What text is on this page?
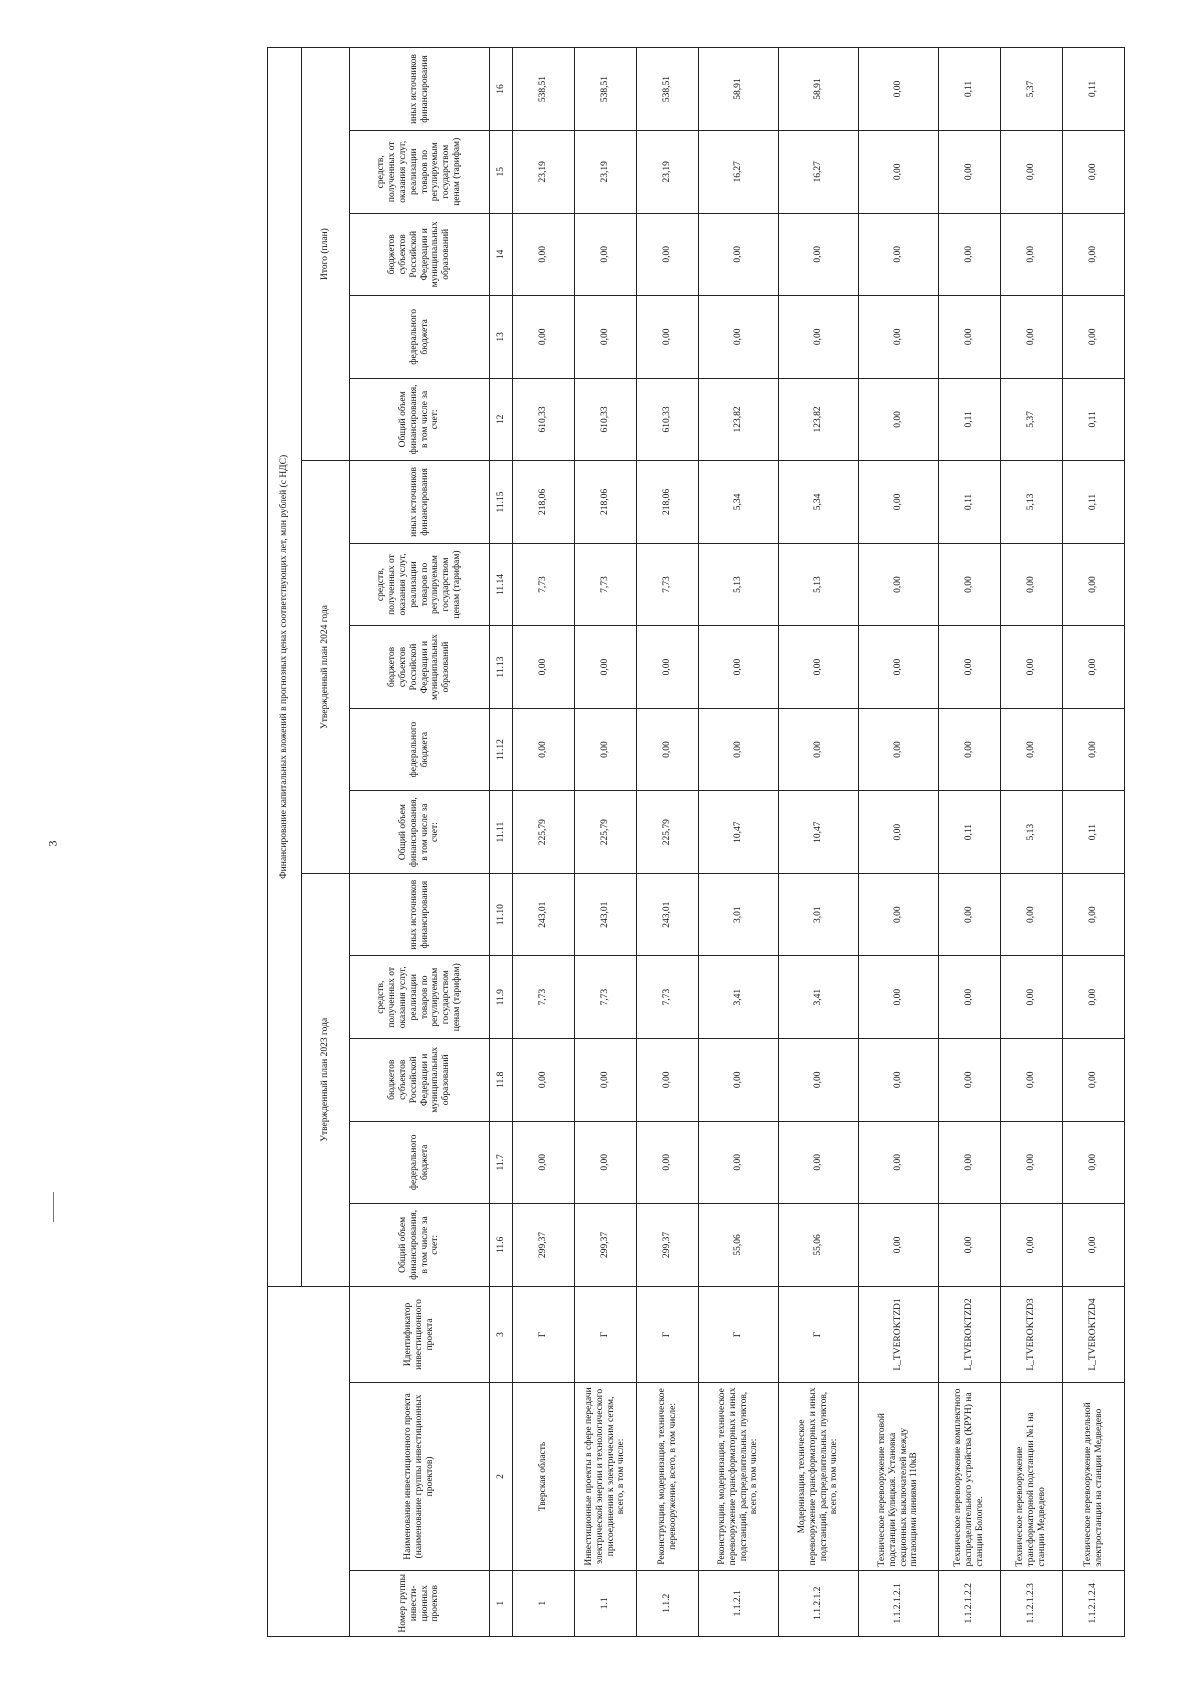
3
			Финансирование капитальных вложений в прогнозных ценах соответствующих лет, млн рублей (с НДС)														
			Утвержденный план 2023 года					Утвержденный план 2024 года					Итого (план)				
Номер группы инвести-ционных проектов	Наименование инвестиционного проекта (наименование группы инвестиционных проектов)	Идентификатор инвестиционного проекта	Общий объем финансирования, в том числе за счет:	федерального бюджета	бюджетов субъектов Российской Федерации и муниципальных образований	средств, полученных от оказания услуг, реализации товаров по регулируемым государством ценам (тарифам)	иных источников финансирования	Общий объем финансирования, в том числе за счет:	федерального бюджета	бюджетов субъектов Российской Федерации и муниципальных образований	средств, полученных от оказания услуг, реализации товаров по регулируемым государством ценам (тарифам)	иных источников финансирования	Общий объем финансирования, в том числе за счет:	федерального бюджета	бюджетов субъектов Российской Федерации и муниципальных образований	средств, полученных от оказания услуг, реализации товаров по регулируемым государством ценам (тарифам)	иных источников финансирования
1	2	3	11.6	11.7	11.8	11.9	11.10	11.11	11.12	11.13	11.14	11.15	12	13	14	15	16
1	Тверская область	Г	299,37	0,00	0,00	7,73	243,01	225,79	0,00	0,00	7,73	218,06	610,33	0,00	0,00	23,19	538,51
1.1	Инвестиционные проекты в сфере передачи электрической энергии и технологического присоединения к электрическим сетям, всего, в том числе:	Г	299,37	0,00	0,00	7,73	243,01	225,79	0,00	0,00	7,73	218,06	610,33	0,00	0,00	23,19	538,51
1.1.2	Реконструкция, модернизация, техническое перевооружение, всего, в том числе:	Г	299,37	0,00	0,00	7,73	243,01	225,79	0,00	0,00	7,73	218,06	610,33	0,00	0,00	23,19	538,51
1.1.2.1	Реконструкция, модернизация, техническое перевооружение трансформаторных и иных подстанций, распределительных пунктов, всего, в том числе:	Г	55,06	0,00	0,00	3,41	3,01	10,47	0,00	0,00	5,13	5,34	123,82	0,00	0,00	16,27	58,91
1.1.2.1.2	Модернизация, техническое перевооружение трансформаторных и иных подстанций, распределительных пунктов, всего, в том числе:	Г	55,06	0,00	0,00	3,41	3,01	10,47	0,00	0,00	5,13	5,34	123,82	0,00	0,00	16,27	58,91
1.1.2.1.2.1	Техническое перевооружение тяговой подстанции Кулицкая. Установка секционных выключателей между питающими линиями 110кВ	L_TVEROKTZD1	0,00	0,00	0,00	0,00	0,00	0,00	0,00	0,00	0,00	0,00	0,00	0,00	0,00	0,00	0,00
1.1.2.1.2.2	Техническое перевооружение комплектного распределительного устройства (КРУН) на станции Бологое.	L_TVEROKTZD2	0,00	0,00	0,00	0,00	0,00	0,11	0,00	0,00	0,00	0,11	0,11	0,00	0,00	0,00	0,11
1.1.2.1.2.3	Техническое перевооружение трансформаторной подстанции №1 на станции Медведево	L_TVEROKTZD3	0,00	0,00	0,00	0,00	0,00	5,13	0,00	0,00	0,00	5,13	5,37	0,00	0,00	0,00	5,37
1.1.2.1.2.4	Техническое перевооружение дизельной электростанции на станции Медведево	L_TVEROKTZD4	0,00	0,00	0,00	0,00	0,00	0,11	0,00	0,00	0,00	0,11	0,11	0,00	0,00	0,00	0,11
